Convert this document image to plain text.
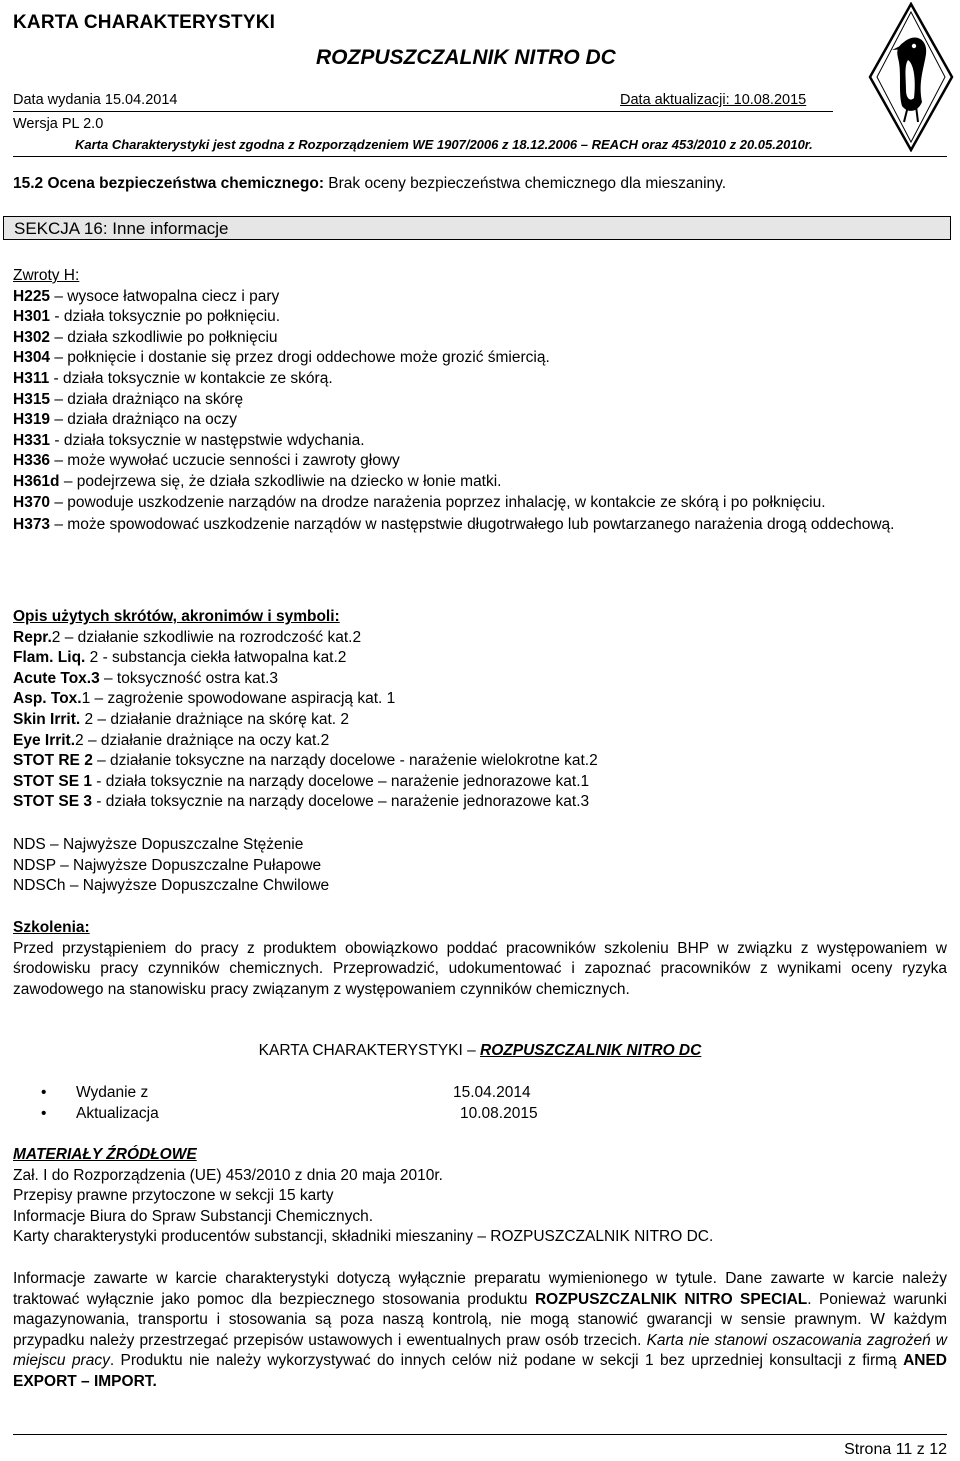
KARTA CHARAKTERYSTYKI
ROZPUSZCZALNIK NITRO DC
Data wydania 15.04.2014	Data aktualizacji: 10.08.2015
Wersja PL 2.0
Karta Charakterystyki jest zgodna z Rozporządzeniem WE 1907/2006 z 18.12.2006 – REACH oraz 453/2010 z 20.05.2010r.
15.2 Ocena bezpieczeństwa chemicznego: Brak oceny bezpieczeństwa chemicznego dla mieszaniny.
SEKCJA 16: Inne informacje
Zwroty H:
H225 – wysoce łatwopalna ciecz i pary
H301 - działa toksycznie po połknięciu.
H302 – działa szkodliwie po połknięciu
H304 – połknięcie i dostanie się przez drogi oddechowe może grozić śmiercią.
H311 - działa toksycznie w kontakcie ze skórą.
H315 – działa drażniąco na skórę
H319 – działa drażniąco na oczy
H331 - działa toksycznie w następstwie wdychania.
H336 – może wywołać uczucie senności i zawroty głowy
H361d – podejrzewa się, że działa szkodliwie na dziecko w łonie matki.
H370 – powoduje uszkodzenie narządów na drodze narażenia poprzez inhalację, w kontakcie ze skórą i po połknięciu.
H373 – może spowodować uszkodzenie narządów w następstwie długotrwałego lub powtarzanego narażenia drogą oddechową.
Opis użytych skrótów, akronimów i symboli:
Repr.2 – działanie szkodliwie na rozrodczość kat.2
Flam. Liq. 2 - substancja ciekła łatwopalna kat.2
Acute Tox.3 – toksyczność ostra kat.3
Asp. Tox.1 – zagrożenie spowodowane aspiracją kat. 1
Skin Irrit. 2 – działanie drażniące na skórę kat. 2
Eye Irrit.2 – działanie drażniące na oczy kat.2
STOT RE 2 – działanie toksyczne na narządy docelowe - narażenie wielokrotne kat.2
STOT SE 1 - działa toksycznie na narządy docelowe – narażenie jednorazowe kat.1
STOT SE 3 - działa toksycznie na narządy docelowe – narażenie jednorazowe kat.3
NDS – Najwyższe Dopuszczalne Stężenie
NDSP – Najwyższe Dopuszczalne Pułapowe
NDSCh – Najwyższe Dopuszczalne Chwilowe
Szkolenia:
Przed przystąpieniem do pracy z produktem obowiązkowo poddać pracowników szkoleniu BHP w związku z występowaniem w środowisku pracy czynników chemicznych. Przeprowadzić, udokumentować i zapoznać pracowników z wynikami oceny ryzyka zawodowego na stanowisku pracy związanym z występowaniem czynników chemicznych.
KARTA CHARAKTERYSTYKI – ROZPUSZCZALNIK NITRO DC
• Wydanie z	15.04.2014
• Aktualizacja	10.08.2015
MATERIAŁY ŹRÓDŁOWE
Zał. I do Rozporządzenia (UE) 453/2010 z dnia 20 maja 2010r.
Przepisy prawne przytoczone w sekcji 15 karty
Informacje Biura do Spraw Substancji Chemicznych.
Karty charakterystyki producentów substancji, składniki mieszaniny – ROZPUSZCZALNIK NITRO DC.
Informacje zawarte w karcie charakterystyki dotyczą wyłącznie preparatu wymienionego w tytule. Dane zawarte w karcie należy traktować wyłącznie jako pomoc dla bezpiecznego stosowania produktu ROZPUSZCZALNIK NITRO SPECIAL. Ponieważ warunki magazynowania, transportu i stosowania są poza naszą kontrolą, nie mogą stanowić gwarancji w sensie prawnym. W każdym przypadku należy przestrzegać przepisów ustawowych i ewentualnych praw osób trzecich. Karta nie stanowi oszacowania zagrożeń w miejscu pracy. Produktu nie należy wykorzystywać do innych celów niż podane w sekcji 1 bez uprzedniej konsultacji z firmą ANED EXPORT – IMPORT.
Strona 11 z 12
